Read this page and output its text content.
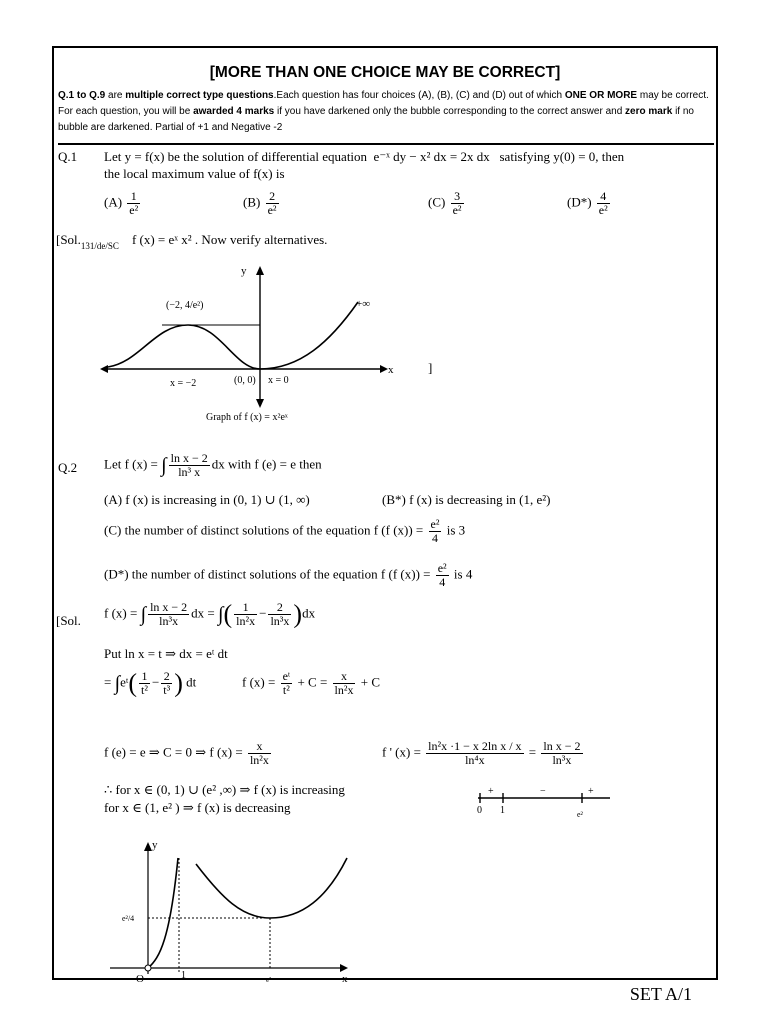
[MORE THAN ONE CHOICE MAY BE CORRECT]
Q.1 to Q.9 are multiple correct type questions.Each question has four choices (A), (B), (C) and (D) out of which ONE OR MORE may be correct. For each question, you will be awarded 4 marks if you have darkened only the bubble corresponding to the correct answer and zero mark if no bubble are darkened. Partial of +1 and Negative -2
Q.1 Let y = f(x) be the solution of differential equation e⁻ˣ dy − x² dx = 2x dx satisfying y(0) = 0, then
the local maximum value of f(x) is
$(A) \frac{1}{\text{e²}}$	$(B) \frac{2}{\text{e²}}$	$(C) \frac{3}{\text{e²}}$	$(D*) \frac{4}{\text{e²}}$
[$Sol._{131/de/SC}$ f (x) = eˣ x² . Now verify alternatives.
y
x
(−2, 4/e²)	+∞
(0, 0)
x = −2	x = 0
Graph of f (x) = x²eˣ
]
Q.2 Let f (x) = ∫ $\frac{\text{ln x − 2}}{\text{ln³ x}}$ dx with f (e) = e then
(A) f (x) is increasing in (0, 1) ∪ (1, ∞)	(B*) f (x) is decreasing in (1, e²)
(C) the number of distinct solutions of the equation f (f $(x)) = \frac{\text{e²}}{4}$ is 3
(D*) the number of distinct solutions of the equation f (f $(x)) = \frac{\text{e²}}{4}$ is 4
[Sol.
f (x) = ∫ $\frac{\text{ln x − 2}}{\text{ln³x}}$ dx = ∫( $\frac{1}{\text{ln²x}} - \frac{2}{\text{ln³x}} )dx$
Put ln x = t ⇒ dx = eᵗ dt
= ∫eᵗ( $\frac{1}{\text{t²}} - \frac{2}{\text{t³}}$ ) dt	f $(x) = \frac{\text{eᵗ}}{\text{t²}} + C = \frac{x}{\text{ln²x}} + C$
f (e) = e ⇒ C = 0 ⇒ f $(x) = \frac{x}{\text{ln²x}}$	f ' $(x) = \frac{\text{ln²x ·1 − x 2ln x / x}}{\text{ln⁴x}} = \frac{\text{ln x − 2}}{\text{ln³x}}$
∴ for x ∈ (0, 1) ∪ (e² ,∞) ⇒ f (x) is increasing
for x ∈ (1, e² ) ⇒ f (x) is decreasing	0 1	e²
+	−	+
y
x
O	1	e²
e²/4
SET A/1
